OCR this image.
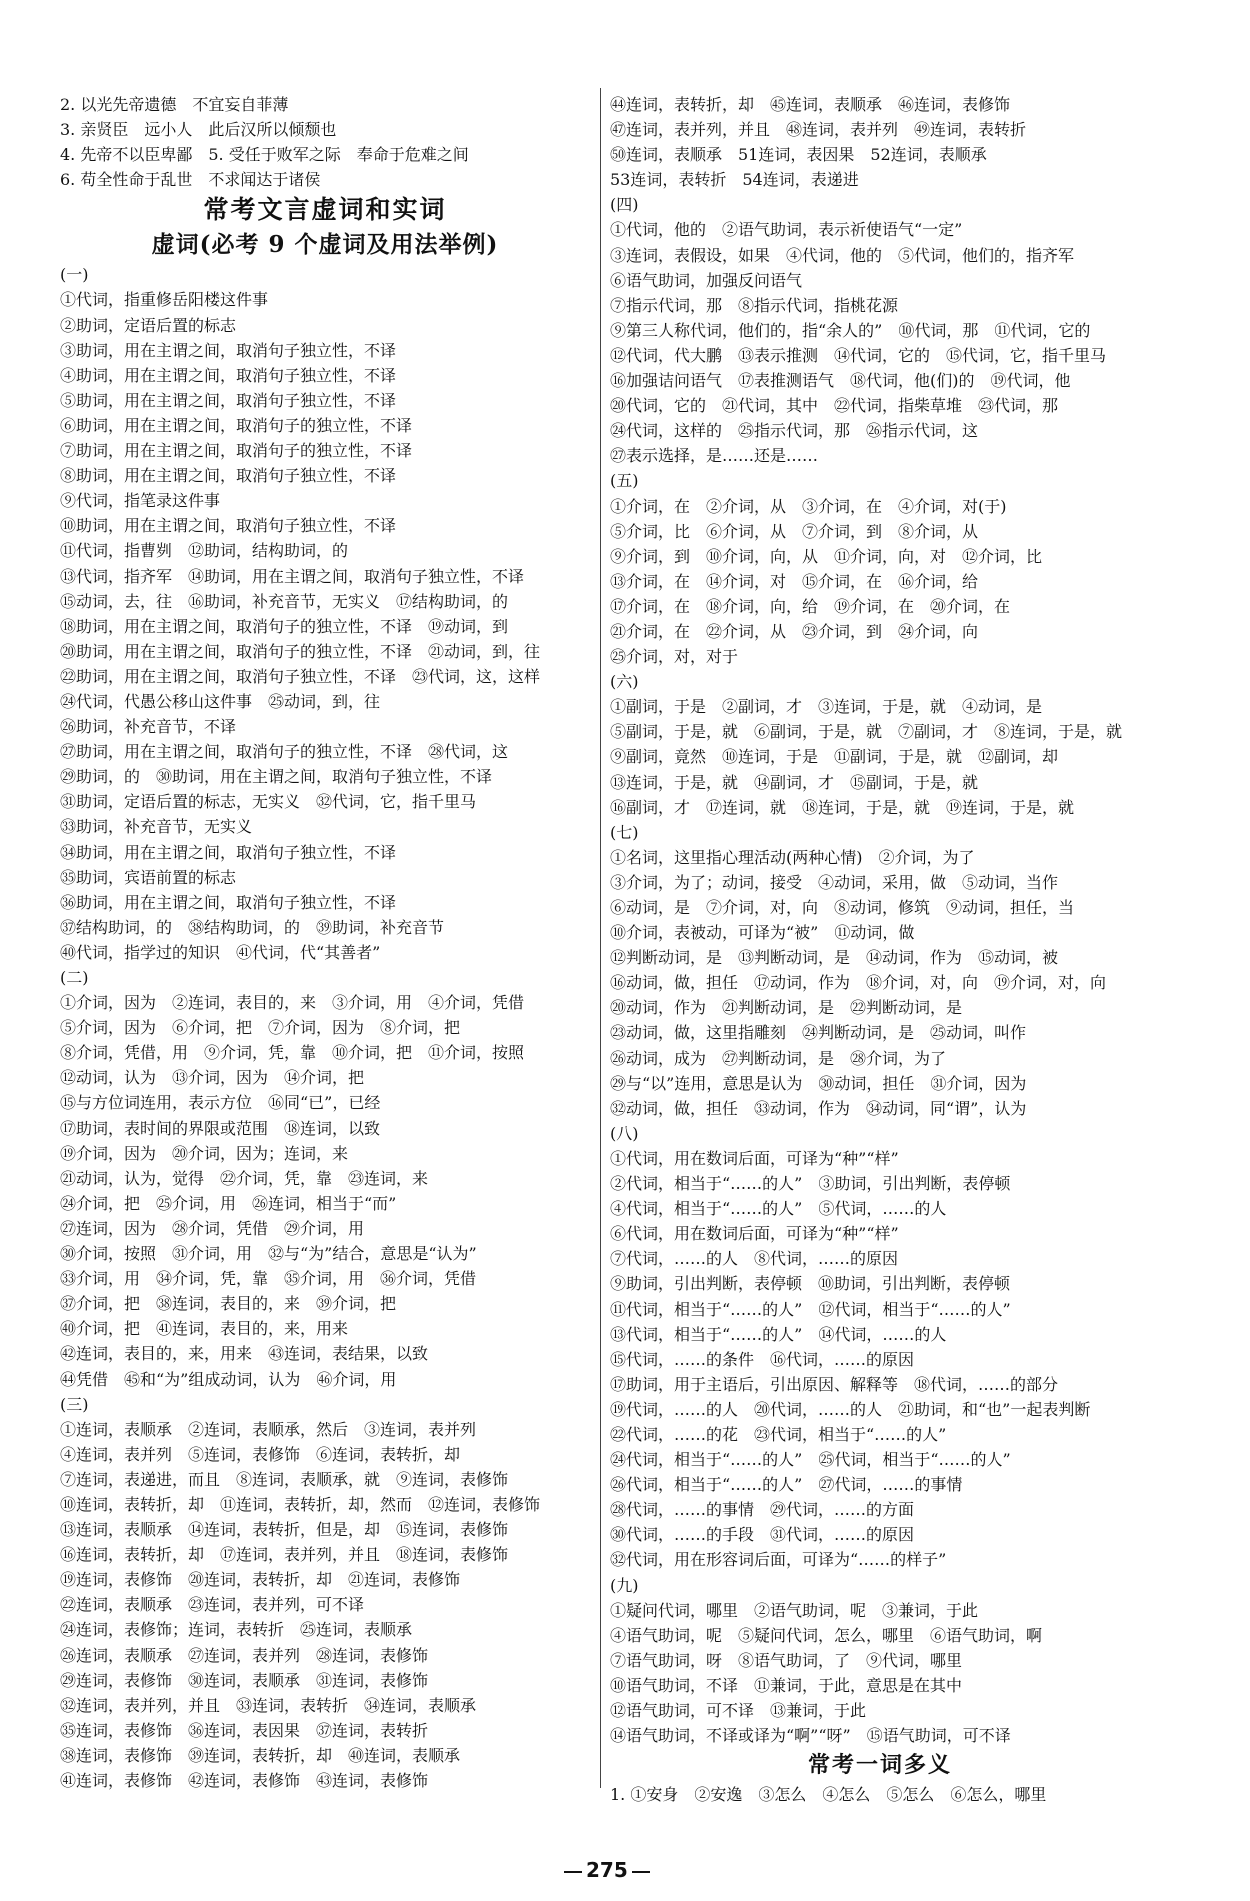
2. 以光先帝遗德　不宜妄自菲薄
3. 亲贤臣　远小人　此后汉所以倾颓也
4. 先帝不以臣卑鄙　5. 受任于败军之际　奉命于危难之间
6. 苟全性命于乱世　不求闻达于诸侯
常考文言虚词和实词
虚词(必考 9 个虚词及用法举例)
(一)
①代词，指重修岳阳楼这件事
②助词，定语后置的标志
③助词，用在主谓之间，取消句子独立性，不译
④助词，用在主谓之间，取消句子独立性，不译
⑤助词，用在主谓之间，取消句子独立性，不译
⑥助词，用在主谓之间，取消句子的独立性，不译
⑦助词，用在主谓之间，取消句子的独立性，不译
⑧助词，用在主谓之间，取消句子独立性，不译
⑨代词，指笔录这件事
⑩助词，用在主谓之间，取消句子独立性，不译
⑪代词，指曹刿　⑫助词，结构助词，的
⑬代词，指齐军　⑭助词，用在主谓之间，取消句子独立性，不译
⑮动词，去，往　⑯助词，补充音节，无实义　⑰结构助词，的
⑱助词，用在主谓之间，取消句子的独立性，不译　⑲动词，到
⑳助词，用在主谓之间，取消句子的独立性，不译　㉑动词，到，往
㉒助词，用在主谓之间，取消句子独立性，不译　㉓代词，这，这样
㉔代词，代愚公移山这件事　㉕动词，到，往
㉖助词，补充音节，不译
㉗助词，用在主谓之间，取消句子的独立性，不译　㉘代词，这
㉙助词，的　㉚助词，用在主谓之间，取消句子独立性，不译
㉛助词，定语后置的标志，无实义　㉜代词，它，指千里马
㉝助词，补充音节，无实义
㉞助词，用在主谓之间，取消句子独立性，不译
㉟助词，宾语前置的标志
㊱助词，用在主谓之间，取消句子独立性，不译
㊲结构助词，的　㊳结构助词，的　㊴助词，补充音节
㊵代词，指学过的知识　㊶代词，代“其善者”
(二)
①介词，因为　②连词，表目的，来　③介词，用　④介词，凭借
⑤介词，因为　⑥介词，把　⑦介词，因为　⑧介词，把
⑧介词，凭借，用　⑨介词，凭，靠　⑩介词，把　⑪介词，按照
⑫动词，认为　⑬介词，因为　⑭介词，把
⑮与方位词连用，表示方位　⑯同“已”，已经
⑰助词，表时间的界限或范围　⑱连词，以致
⑲介词，因为　⑳介词，因为；连词，来
㉑动词，认为，觉得　㉒介词，凭，靠　㉓连词，来
㉔介词，把　㉕介词，用　㉖连词，相当于“而”
㉗连词，因为　㉘介词，凭借　㉙介词，用
㉚介词，按照　㉛介词，用　㉜与“为”结合，意思是“认为”
㉝介词，用　㉞介词，凭，靠　㉟介词，用　㊱介词，凭借
㊲介词，把　㊳连词，表目的，来　㊴介词，把
㊵介词，把　㊶连词，表目的，来，用来
㊷连词，表目的，来，用来　㊸连词，表结果，以致
㊹凭借　㊺和“为”组成动词，认为　㊻介词，用
(三)
①连词，表顺承　②连词，表顺承，然后　③连词，表并列
④连词，表并列　⑤连词，表修饰　⑥连词，表转折，却
⑦连词，表递进，而且　⑧连词，表顺承，就　⑨连词，表修饰
⑩连词，表转折，却　⑪连词，表转折，却，然而　⑫连词，表修饰
⑬连词，表顺承　⑭连词，表转折，但是，却　⑮连词，表修饰
⑯连词，表转折，却　⑰连词，表并列，并且　⑱连词，表修饰
⑲连词，表修饰　⑳连词，表转折，却　㉑连词，表修饰
㉒连词，表顺承　㉓连词，表并列，可不译
㉔连词，表修饰；连词，表转折　㉕连词，表顺承
㉖连词，表顺承　㉗连词，表并列　㉘连词，表修饰
㉙连词，表修饰　㉚连词，表顺承　㉛连词，表修饰
㉜连词，表并列，并且　㉝连词，表转折　㉞连词，表顺承
㉟连词，表修饰　㊱连词，表因果　㊲连词，表转折
㊳连词，表修饰　㊴连词，表转折，却　㊵连词，表顺承
㊶连词，表修饰　㊷连词，表修饰　㊸连词，表修饰
㊹连词，表转折，却　㊺连词，表顺承　㊻连词，表修饰
㊼连词，表并列，并且　㊽连词，表并列　㊾连词，表转折
㊿连词，表顺承　51连词，表因果　52连词，表顺承
53连词，表转折　54连词，表递进
(四)
①代词，他的　②语气助词，表示祈使语气“一定”
③连词，表假设，如果　④代词，他的　⑤代词，他们的，指齐军
⑥语气助词，加强反问语气
⑦指示代词，那　⑧指示代词，指桃花源
⑨第三人称代词，他们的，指“余人的”　⑩代词，那　⑪代词，它的
⑫代词，代大鹏　⑬表示推测　⑭代词，它的　⑮代词，它，指千里马
⑯加强诘问语气　⑰表推测语气　⑱代词，他(们)的　⑲代词，他
⑳代词，它的　㉑代词，其中　㉒代词，指柴草堆　㉓代词，那
㉔代词，这样的　㉕指示代词，那　㉖指示代词，这
㉗表示选择，是……还是……
(五)
①介词，在　②介词，从　③介词，在　④介词，对(于)
⑤介词，比　⑥介词，从　⑦介词，到　⑧介词，从
⑨介词，到　⑩介词，向，从　⑪介词，向，对　⑫介词，比
⑬介词，在　⑭介词，对　⑮介词，在　⑯介词，给
⑰介词，在　⑱介词，向，给　⑲介词，在　⑳介词，在
㉑介词，在　㉒介词，从　㉓介词，到　㉔介词，向
㉕介词，对，对于
(六)
①副词，于是　②副词，才　③连词，于是，就　④动词，是
⑤副词，于是，就　⑥副词，于是，就　⑦副词，才　⑧连词，于是，就
⑨副词，竟然　⑩连词，于是　⑪副词，于是，就　⑫副词，却
⑬连词，于是，就　⑭副词，才　⑮副词，于是，就
⑯副词，才　⑰连词，就　⑱连词，于是，就　⑲连词，于是，就
(七)
①名词，这里指心理活动(两种心情)　②介词，为了
③介词，为了；动词，接受　④动词，采用，做　⑤动词，当作
⑥动词，是　⑦介词，对，向　⑧动词，修筑　⑨动词，担任，当
⑩介词，表被动，可译为“被”　⑪动词，做
⑫判断动词，是　⑬判断动词，是　⑭动词，作为　⑮动词，被
⑯动词，做，担任　⑰动词，作为　⑱介词，对，向　⑲介词，对，向
⑳动词，作为　㉑判断动词，是　㉒判断动词，是
㉓动词，做，这里指雕刻　㉔判断动词，是　㉕动词，叫作
㉖动词，成为　㉗判断动词，是　㉘介词，为了
㉙与“以”连用，意思是认为　㉚动词，担任　㉛介词，因为
㉜动词，做，担任　㉝动词，作为　㉞动词，同“谓”，认为
(八)
①代词，用在数词后面，可译为“种”“样”
②代词，相当于“……的人”　③助词，引出判断，表停顿
④代词，相当于“……的人”　⑤代词，……的人
⑥代词，用在数词后面，可译为“种”“样”
⑦代词，……的人　⑧代词，……的原因
⑨助词，引出判断，表停顿　⑩助词，引出判断，表停顿
⑪代词，相当于“……的人”　⑫代词，相当于“……的人”
⑬代词，相当于“……的人”　⑭代词，……的人
⑮代词，……的条件　⑯代词，……的原因
⑰助词，用于主语后，引出原因、解释等　⑱代词，……的部分
⑲代词，……的人　⑳代词，……的人　㉑助词，和“也”一起表判断
㉒代词，……的花　㉓代词，相当于“……的人”
㉔代词，相当于“……的人”　㉕代词，相当于“……的人”
㉖代词，相当于“……的人”　㉗代词，……的事情
㉘代词，……的事情　㉙代词，……的方面
㉚代词，……的手段　㉛代词，……的原因
㉜代词，用在形容词后面，可译为“……的样子”
(九)
①疑问代词，哪里　②语气助词，呢　③兼词，于此
④语气助词，呢　⑤疑问代词，怎么，哪里　⑥语气助词，啊
⑦语气助词，呀　⑧语气助词，了　⑨代词，哪里
⑩语气助词，不译　⑪兼词，于此，意思是在其中
⑫语气助词，可不译　⑬兼词，于此
⑭语气助词，不译或译为“啊”“呀”　⑮语气助词，可不译
常考一词多义
1. ①安身　②安逸　③怎么　④怎么　⑤怎么　⑥怎么，哪里
275
